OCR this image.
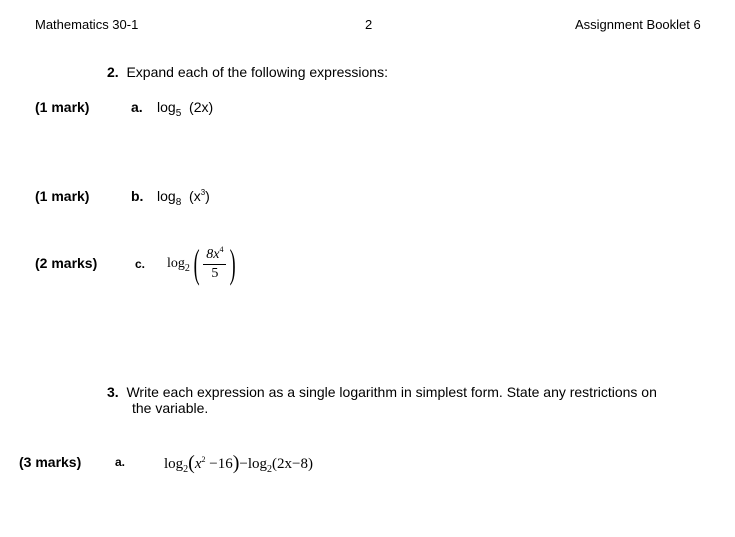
Mathematics 30-1	2	Assignment Booklet 6
2. Expand each of the following expressions:
(1 mark)	a. $\log_5 (2x)$
(1 mark)	b. $\log_8 (x^3)$
(2 marks)	c. log 2 ( $\frac{8x^4}{5}$ )
3. Write each expression as a single logarithm in simplest form. State any restrictions on
the variable.
(3 marks)	a.	$\log_2(x^2 -16)-\log_2(2x-8)$
